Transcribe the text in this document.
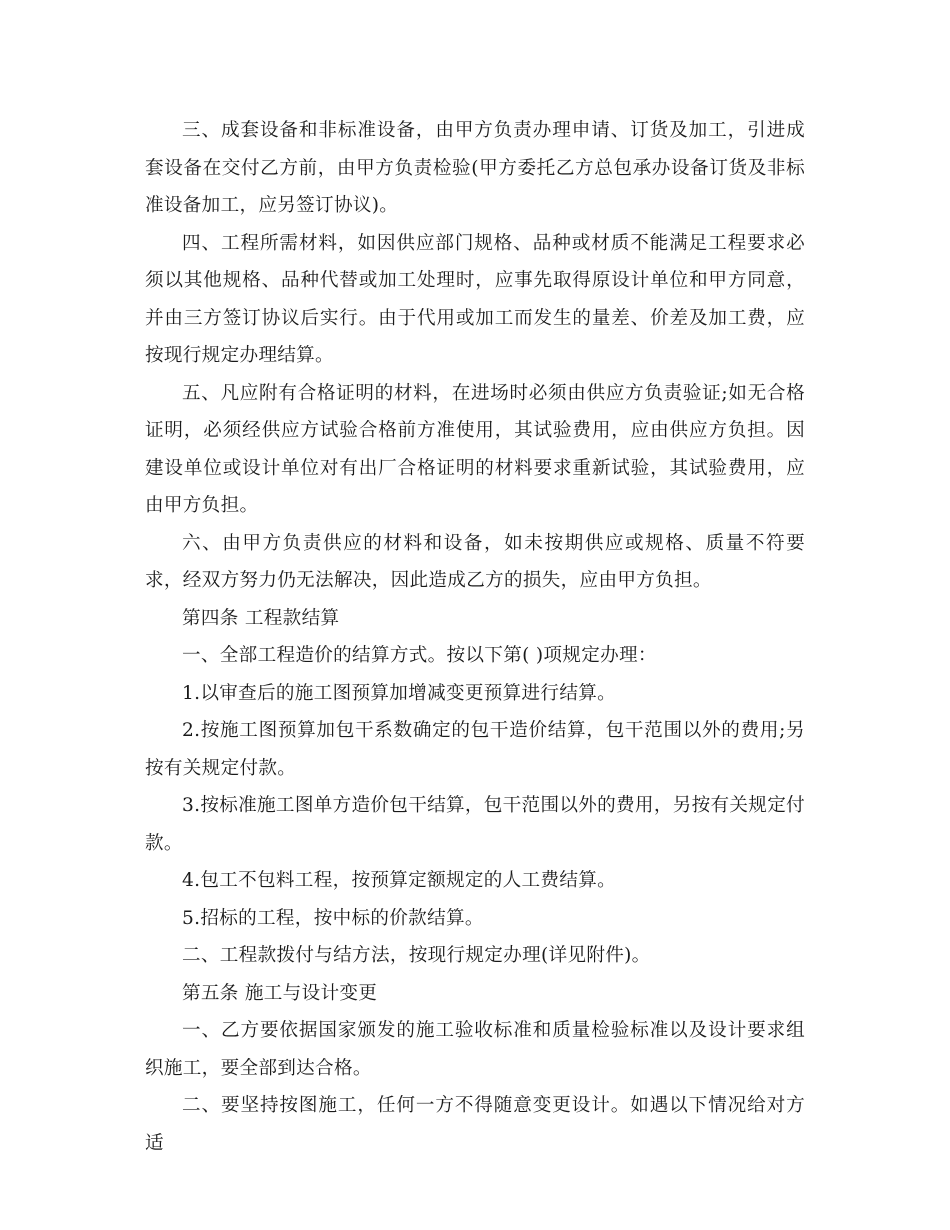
三、成套设备和非标准设备，由甲方负责办理申请、订货及加工，引进成套设备在交付乙方前，由甲方负责检验(甲方委托乙方总包承办设备订货及非标准设备加工，应另签订协议)。

四、工程所需材料，如因供应部门规格、品种或材质不能满足工程要求必须以其他规格、品种代替或加工处理时，应事先取得原设计单位和甲方同意，并由三方签订协议后实行。由于代用或加工而发生的量差、价差及加工费，应按现行规定办理结算。

五、凡应附有合格证明的材料，在进场时必须由供应方负责验证;如无合格证明，必须经供应方试验合格前方准使用，其试验费用，应由供应方负担。因建设单位或设计单位对有出厂合格证明的材料要求重新试验，其试验费用，应由甲方负担。

六、由甲方负责供应的材料和设备，如未按期供应或规格、质量不符要求，经双方努力仍无法解决，因此造成乙方的损失，应由甲方负担。

第四条 工程款结算

一、全部工程造价的结算方式。按以下第( )项规定办理：

1.以审查后的施工图预算加增减变更预算进行结算。

2.按施工图预算加包干系数确定的包干造价结算，包干范围以外的费用;另按有关规定付款。

3.按标准施工图单方造价包干结算，包干范围以外的费用，另按有关规定付款。

4.包工不包料工程，按预算定额规定的人工费结算。

5.招标的工程，按中标的价款结算。

二、工程款拨付与结方法，按现行规定办理(详见附件)。

第五条 施工与设计变更

一、乙方要依据国家颁发的施工验收标准和质量检验标准以及设计要求组织施工，要全部到达合格。

二、要坚持按图施工，任何一方不得随意变更设计。如遇以下情况给对方适
